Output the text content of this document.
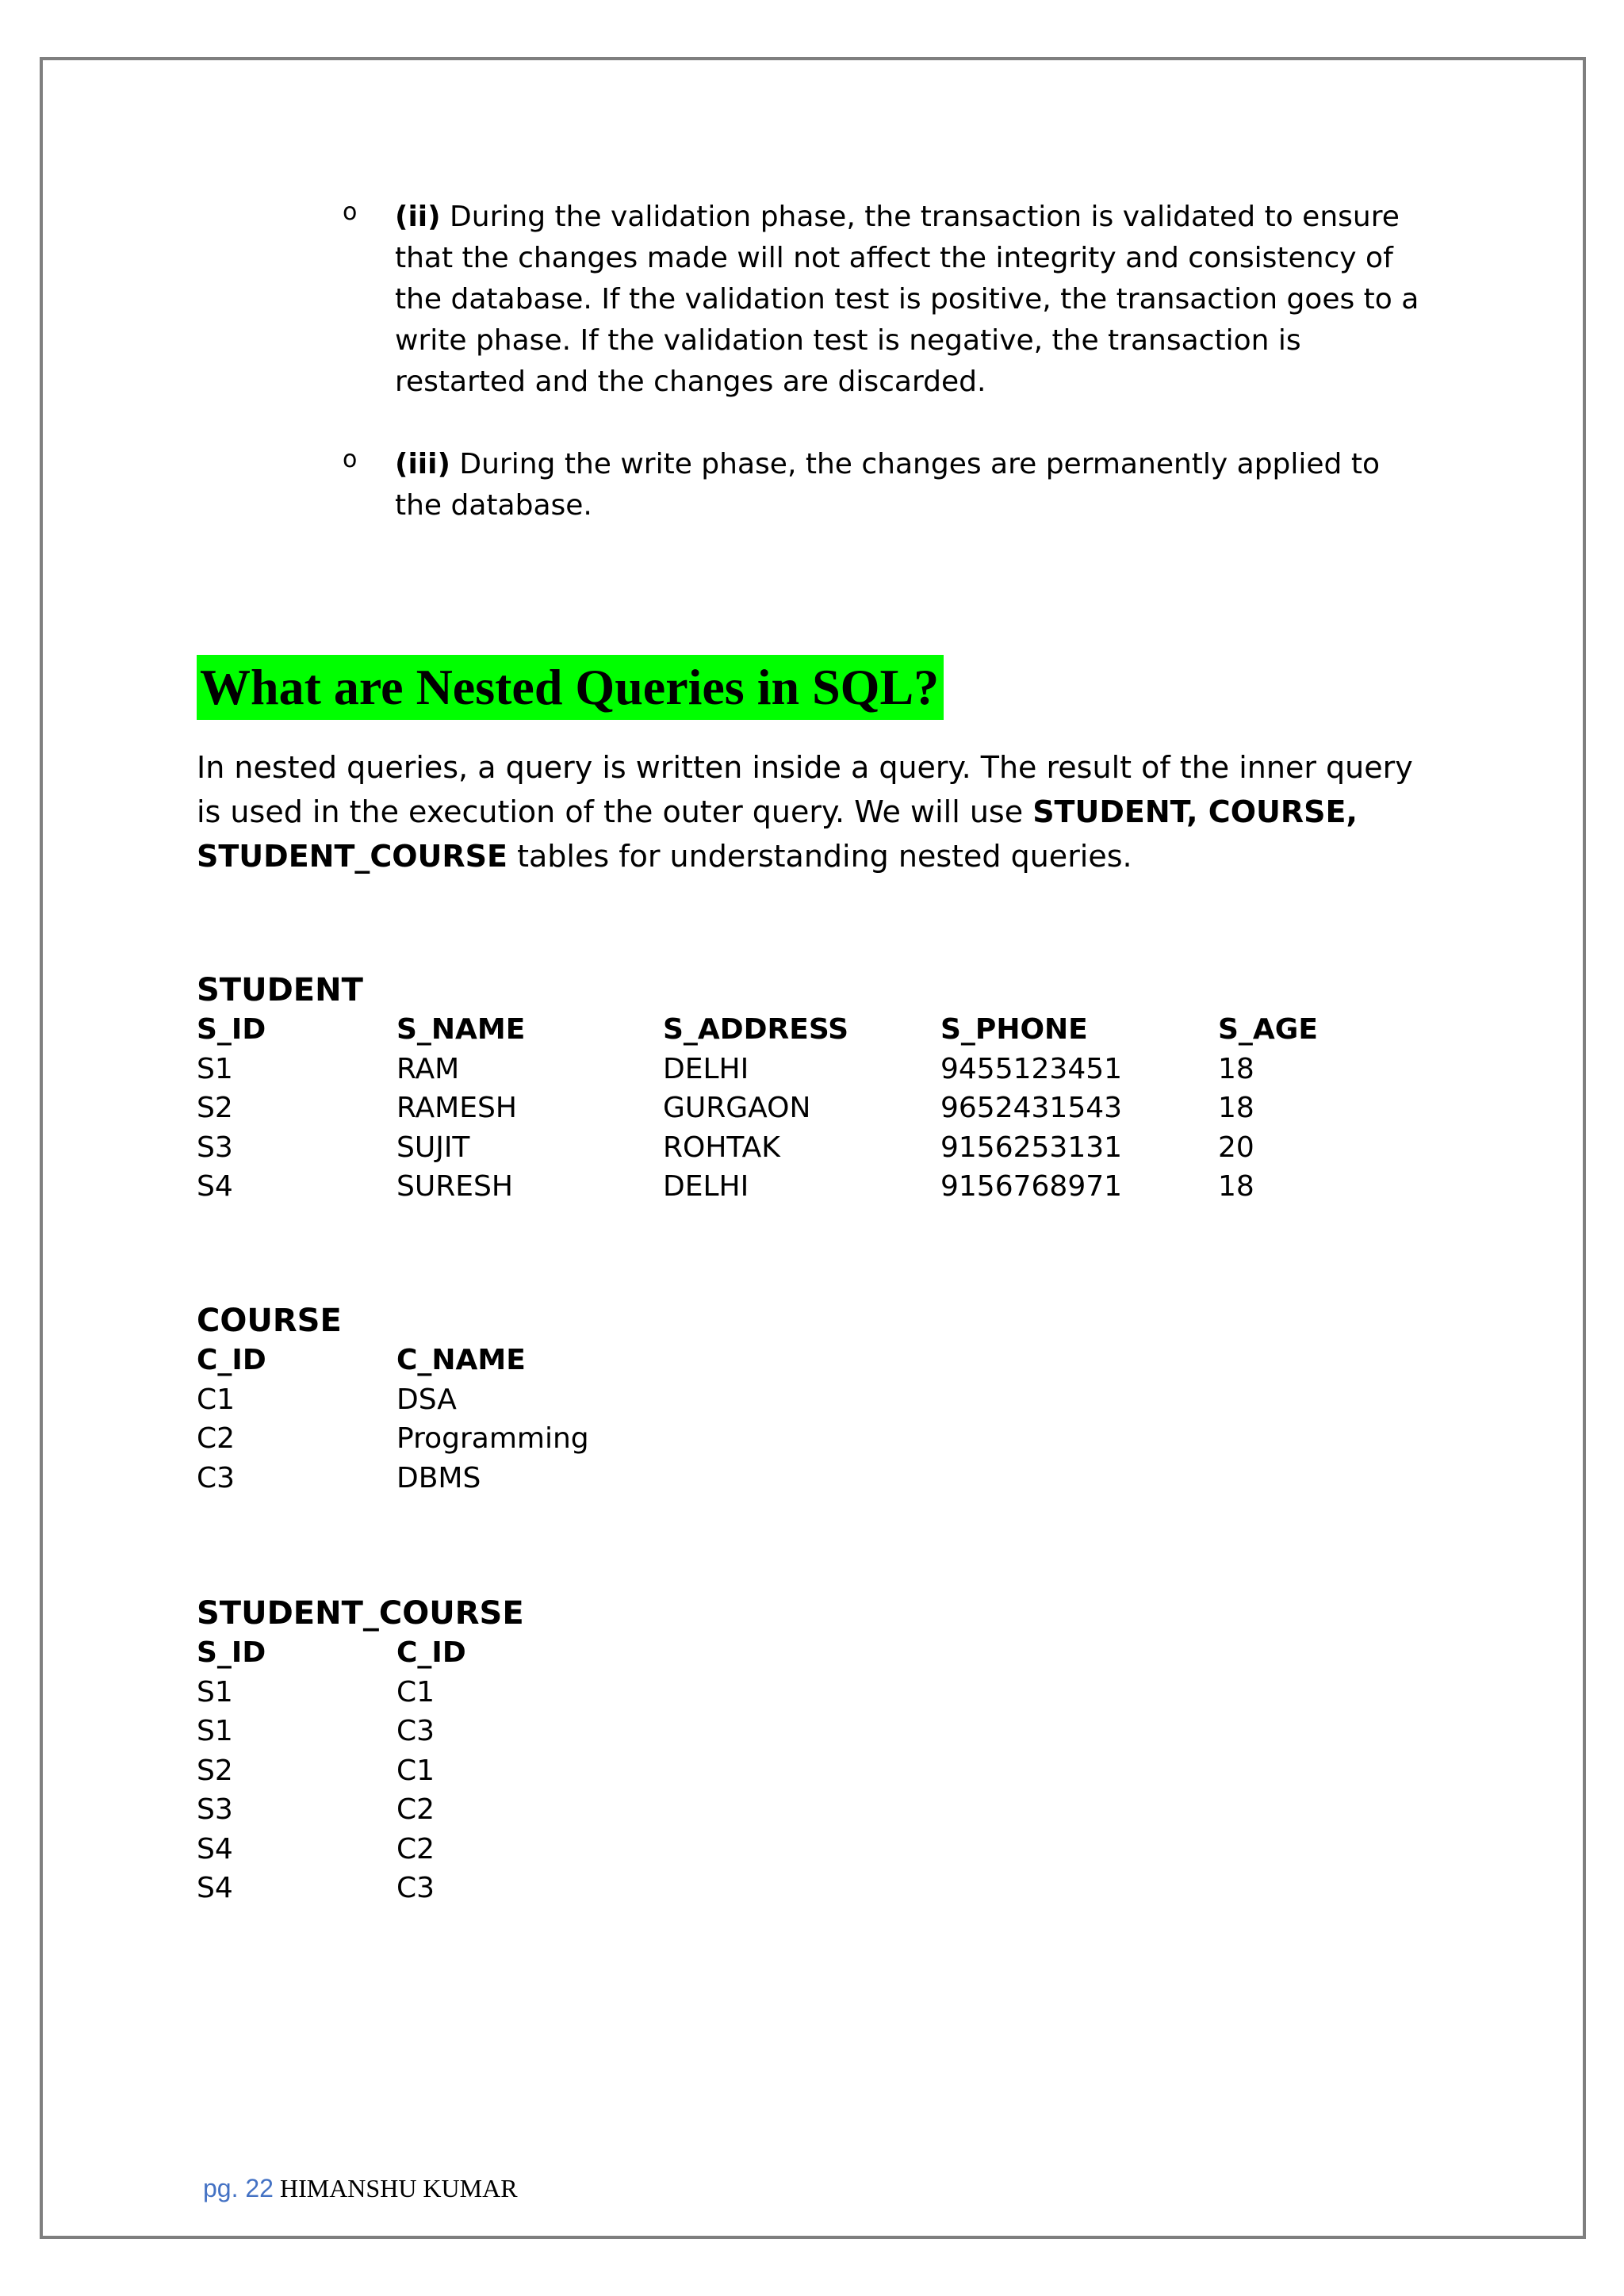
o	(ii) During the validation phase, the transaction is validated to ensure that the changes made will not affect the integrity and consistency of the database. If the validation test is positive, the transaction goes to a write phase. If the validation test is negative, the transaction is restarted and the changes are discarded.
o	(iii) During the write phase, the changes are permanently applied to the database.
What are Nested Queries in SQL?

In nested queries, a query is written inside a query. The result of the inner query is used in the execution of the outer query. We will use STUDENT, COURSE, STUDENT_COURSE tables for understanding nested queries.

STUDENT
S_ID	S_NAME	S_ADDRESS	S_PHONE	S_AGE
S1	RAM	DELHI	9455123451	18
S2	RAMESH	GURGAON	9652431543	18
S3	SUJIT	ROHTAK	9156253131	20
S4	SURESH	DELHI	9156768971	18
COURSE
C_ID	C_NAME
C1	DSA
C2	Programming
C3	DBMS
STUDENT_COURSE
S_ID	C_ID
S1	C1
S1	C3
S2	C1
S3	C2
S4	C2
S4	C3
pg. 22 HIMANSHU KUMAR
